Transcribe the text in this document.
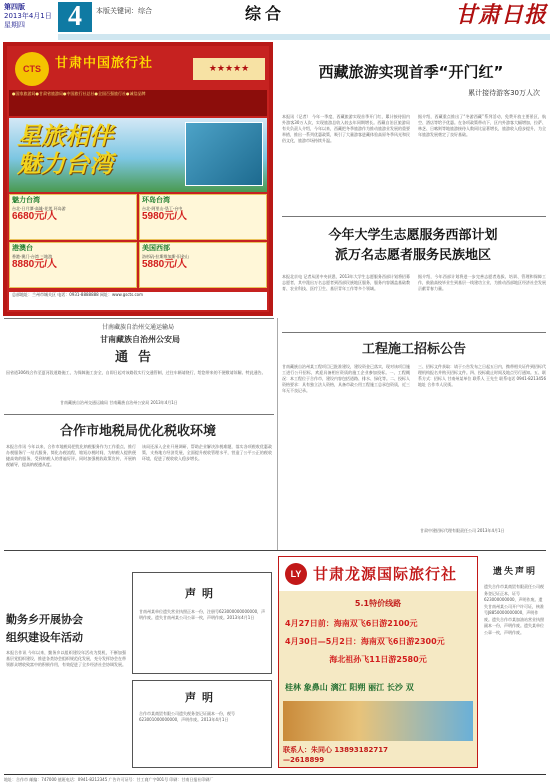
第四版
2013年4月1日
星期四	4	本版关键词：综合	综合	甘肃日报
CTS	甘肃中国旅行社	★★★★★
●国家旅游局●甘肃省旅游局●中国旅行社总社●全国百强旅行社●诚信品牌
星旅相伴
魅力台湾
魅力台湾
台北-日月潭-高雄-花莲 环岛游
6680元/人
环岛台湾
台北-阿里山-垦丁-台中
5980元/人
港澳台
香港-澳门-台湾 三地游
8880元/人
美国西部
洛杉矶-拉斯维加斯-旧金山
5880元/人
总部地址：兰州市城关区 电话：0931-8888888 网址：www.gscts.com
西藏旅游实现首季“开门红”
累计接待游客30万人次
本报讯（记者） 今年一季度，西藏旅游实现首季开门红，累计接待国内外游客30万人次，实现旅游总收入较去年同期增长。西藏自治区旅游局有关负责人介绍，今年以来，西藏把冬季旅游作为推动旅游业发展的重要举措，推出一系列优惠政策，吸引了大量游客进藏体验高原冬季风光和民俗文化，旅游市场持续升温。
据介绍，西藏重点推出了“冬游西藏”系列活动，免费开放主要景区，航空、酒店等给予优惠。在各项政策带动下，区内外游客大幅增加，拉萨、林芝、日喀则等地旅游接待人数同比显著增长，旅游收入稳步提升，为全年旅游发展奠定了良好基础。
今年大学生志愿服务西部计划
派万名志愿者服务民族地区
本报北京电 记者从团中央获悉，2013年大学生志愿服务西部计划将招募志愿者，其中派出万名志愿者到西部民族地区服务，服务内容涵盖基础教育、农业科技、医疗卫生、基层青年工作等多个领域。
据介绍，今年西部计划将进一步完善志愿者选拔、培训、管理和保障工作，鼓励高校毕业生到基层一线建功立业，为推动西部地区经济社会发展贡献青春力量。
甘南藏族自治州交通运输局
甘南藏族自治州公安局
通告
因省道306线合作至夏河段道路施工，为保障施工安全，自即日起对该路段实行交通管制，过往车辆请绕行，给您带来的不便敬请谅解。特此通告。
甘南藏族自治州交通运输局 甘南藏族自治州公安局 2013年4月1日
合作市地税局优化税收环境
本报合作讯 今年以来，合作市地税局把优化纳税服务作为工作重点，推行办税服务厅一站式服务，简化办税流程，缩短办税时间，为纳税人提供便捷高效的服务，受到纳税人的普遍好评。同时加强税收政策宣传，开展纳税辅导，提高纳税遵从度。
该局还深入企业开展调研，帮助企业解决涉税难题，落实各项税收优惠政策，支持地方经济发展，全面提升税收管理水平，营造了公平公正的税收环境，促进了税收收入稳步增长。
工程施工招标公告
甘南藏族自治州某工程项目已批准建设，建设资金已落实，现对该项目施工进行公开招标，欢迎具备相应资质的施工企业参加投标。一、工程概况：本工程位于合作市，建设内容包括道路、排水、绿化等。二、投标人资格要求：具有独立法人资格，具备市政公用工程施工总承包资质，近三年无不良记录。
三、招标文件获取：请于公告发布之日起五日内，携带相关证件到招标代理机构报名并购买招标文件。四、投标截止时间及地点另行通知。五、联系方式：招标人 甘南州某单位 联系人 王先生 联系电话 0941-8213456 地址 合作市人民街。
甘肃中建招标代理有限责任公司 2013年4月1日
勤务乡开展协会
组织建设年活动
本报合作讯 今年以来，勤务乡以组织建设年活动为契机，不断加强基层党组织建设，推进各类协会组织规范化发展，充分发挥协会在带领群众增收致富中的积极作用，有效促进了全乡经济社会协调发展。
声明
甘南州某单位遗失营业执照正本一份，注册号623000000000000，声明作废。遗失甘南州某公司公章一枚，声明作废。2013年4月1日
声明
合作市某商贸有限公司遗失税务登记证副本一份，税号623001000000000，声明作废。2013年4月1日
LY 甘肃龙源国际旅行社
5.1特价线路
4月27日前：海南双飞6日游2100元
4月30日—5月2日：海南双飞6日游2300元
海北祖孙飞11日游2580元
桂林 象鼻山 漓江 阳朔 丽江 长沙 双
联系人：朱同心 13893182717
—2618899
遗失声明
遗失合作市某商贸有限责任公司税务登记证正本，证号623000000000，声明作废。遗失甘南州某公司开户许可证，核准号J8850000000000，声明作废。遗失合作市某加油站营业执照副本一份，声明作废。遗失某单位公章一枚，声明作废。
地址：合作市 邮编：747000 值班电话：0941-8212345 广告许可证号：甘工商广字001号 印刷：甘南日报社印刷厂
